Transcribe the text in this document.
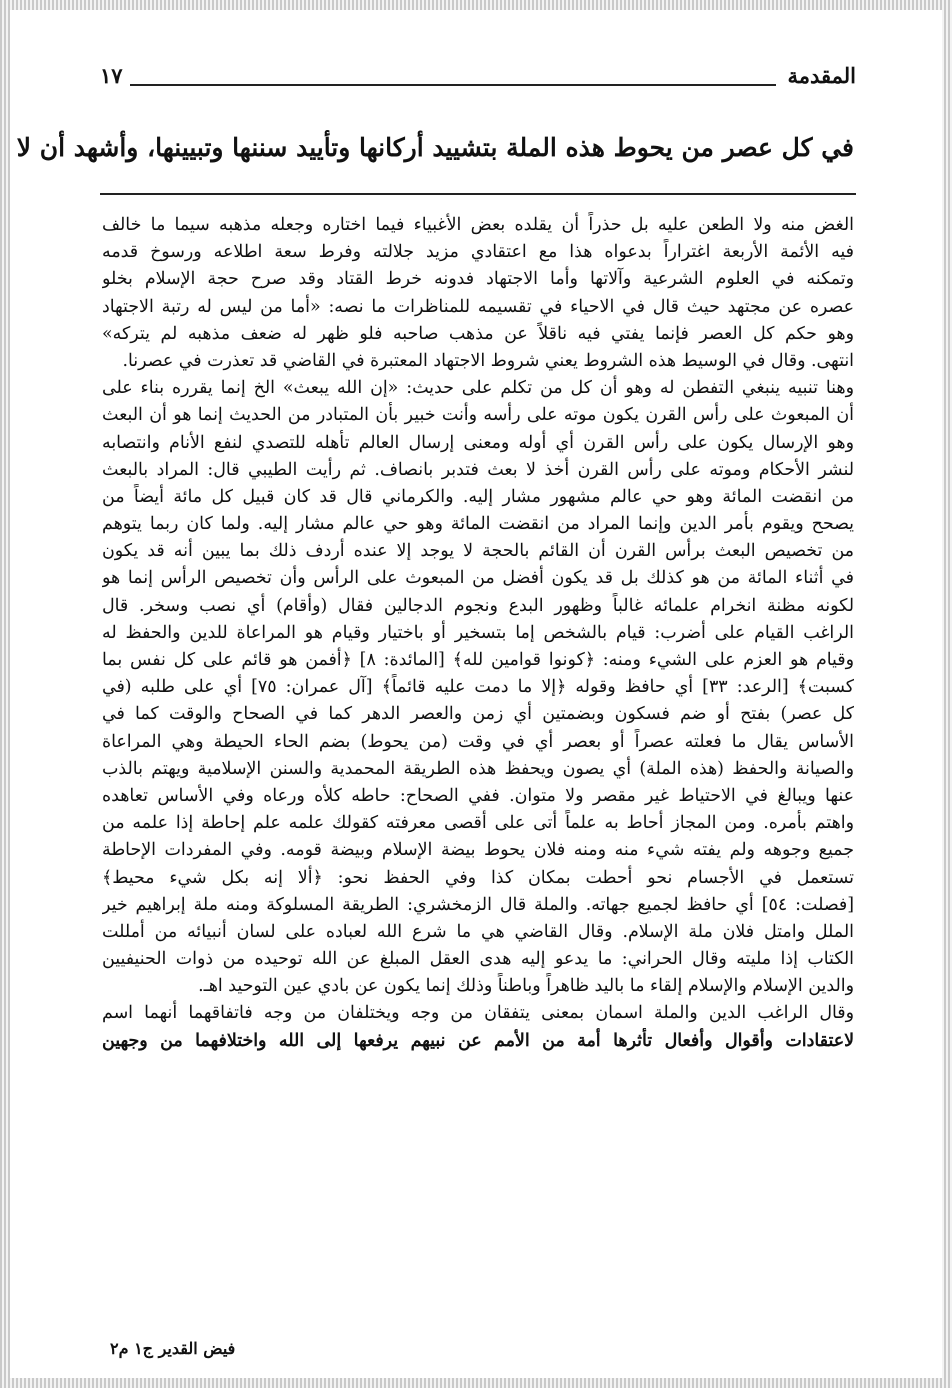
المقدمة
١٧
في كل عصر من يحوط هذه الملة بتشييد أركانها وتأييد سننها وتبيينها، وأشهد أن لا
الغض منه ولا الطعن عليه بل حذراً أن يقلده بعض الأغبياء فيما اختاره وجعله مذهبه سيما ما خالف
فيه الأئمة الأربعة اغتراراً بدعواه هذا مع اعتقادي مزيد جلالته وفرط سعة اطلاعه ورسوخ قدمه
وتمكنه في العلوم الشرعية وآلاتها وأما الاجتهاد فدونه خرط القتاد وقد صرح حجة الإسلام بخلو
عصره عن مجتهد حيث قال في الاحياء في تقسيمه للمناظرات ما نصه: «أما من ليس له رتبة الاجتهاد
وهو حكم كل العصر فإنما يفتي فيه ناقلاً عن مذهب صاحبه فلو ظهر له ضعف مذهبه لم يتركه»
انتهى. وقال في الوسيط هذه الشروط يعني شروط الاجتهاد المعتبرة في القاضي قد تعذرت في عصرنا.
وهنا تنبيه ينبغي التفطن له وهو أن كل من تكلم على حديث: «إن الله يبعث» الخ إنما يقرره بناء على
أن المبعوث على رأس القرن يكون موته على رأسه وأنت خبير بأن المتبادر من الحديث إنما هو أن البعث
وهو الإرسال يكون على رأس القرن أي أوله ومعنى إرسال العالم تأهله للتصدي لنفع الأنام وانتصابه
لنشر الأحكام وموته على رأس القرن أخذ لا بعث فتدبر بانصاف. ثم رأيت الطيبي قال: المراد بالبعث
من انقضت المائة وهو حي عالم مشهور مشار إليه. والكرماني قال قد كان قبيل كل مائة أيضاً من
يصحح ويقوم بأمر الدين وإنما المراد من انقضت المائة وهو حي عالم مشار إليه. ولما كان ربما يتوهم
من تخصيص البعث برأس القرن أن القائم بالحجة لا يوجد إلا عنده أردف ذلك بما يبين أنه قد يكون
في أثناء المائة من هو كذلك بل قد يكون أفضل من المبعوث على الرأس وأن تخصيص الرأس إنما هو
لكونه مظنة انخرام علمائه غالباً وظهور البدع ونجوم الدجالين فقال (وأقام) أي نصب وسخر. قال
الراغب القيام على أضرب: قيام بالشخص إما بتسخير أو باختيار وقيام هو المراعاة للدين والحفظ له
وقيام هو العزم على الشيء ومنه: ﴿كونوا قوامين لله﴾ [المائدة: ٨] ﴿أفمن هو قائم على كل نفس بما
كسبت﴾ [الرعد: ٣٣] أي حافظ وقوله ﴿إلا ما دمت عليه قائماً﴾ [آل عمران: ٧٥] أي على طلبه (في
كل عصر) بفتح أو ضم فسكون وبضمتين أي زمن والعصر الدهر كما في الصحاح والوقت كما في
الأساس يقال ما فعلته عصراً أو بعصر أي في وقت (من يحوط) بضم الحاء الحيطة وهي المراعاة
والصيانة والحفظ (هذه الملة) أي يصون ويحفظ هذه الطريقة المحمدية والسنن الإسلامية ويهتم بالذب
عنها ويبالغ في الاحتياط غير مقصر ولا متوان. ففي الصحاح: حاطه كلأه ورعاه وفي الأساس تعاهده
واهتم بأمره. ومن المجاز أحاط به علماً أتى على أقصى معرفته كقولك علمه علم إحاطة إذا علمه من
جميع وجوهه ولم يفته شيء منه ومنه فلان يحوط بيضة الإسلام وبيضة قومه. وفي المفردات الإحاطة
تستعمل في الأجسام نحو أحطت بمكان كذا وفي الحفظ نحو: ﴿ألا إنه بكل شيء محيط﴾
[فصلت: ٥٤] أي حافظ لجميع جهاته. والملة قال الزمخشري: الطريقة المسلوكة ومنه ملة إبراهيم خير
الملل وامتل فلان ملة الإسلام. وقال القاضي هي ما شرع الله لعباده على لسان أنبيائه من أمللت
الكتاب إذا مليته وقال الحراني: ما يدعو إليه هدى العقل المبلغ عن الله توحيده من ذوات الحنيفيين
والدين الإسلام والإسلام إلقاء ما باليد ظاهراً وباطناً وذلك إنما يكون عن بادي عين التوحيد اهـ.
وقال الراغب الدين والملة اسمان بمعنى يتفقان من وجه ويختلفان من وجه فاتفاقهما أنهما اسم
لاعتقادات وأقوال وأفعال تأثرها أمة من الأمم عن نبيهم يرفعها إلى الله واختلافهما من وجهين
فيض القدير ج١ م٢
